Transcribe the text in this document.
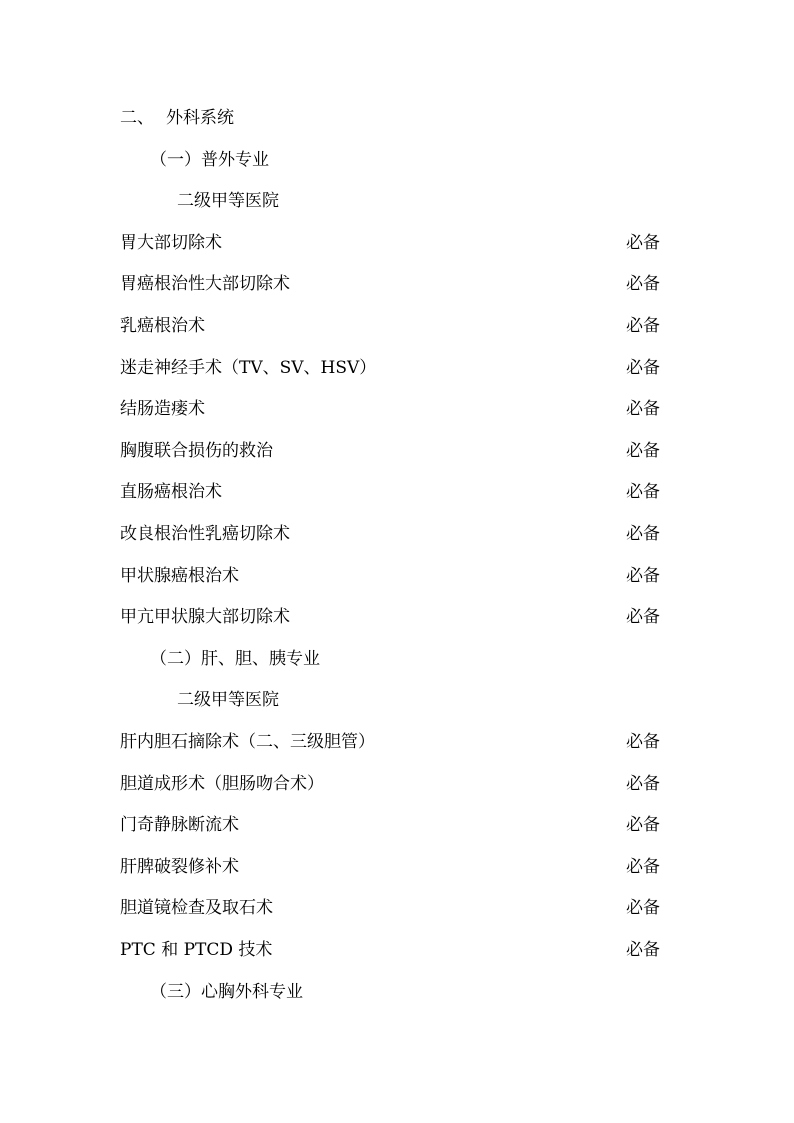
二、 外科系统
（一）普外专业
二级甲等医院
胃大部切除术	必备
胃癌根治性大部切除术	必备
乳癌根治术	必备
迷走神经手术（TV、SV、HSV）	必备
结肠造瘘术	必备
胸腹联合损伤的救治	必备
直肠癌根治术	必备
改良根治性乳癌切除术	必备
甲状腺癌根治术	必备
甲亢甲状腺大部切除术	必备
（二）肝、胆、胰专业
二级甲等医院
肝内胆石摘除术（二、三级胆管）	必备
胆道成形术（胆肠吻合术）	必备
门奇静脉断流术	必备
肝脾破裂修补术	必备
胆道镜检查及取石术	必备
PTC 和 PTCD 技术	必备
（三）心胸外科专业
